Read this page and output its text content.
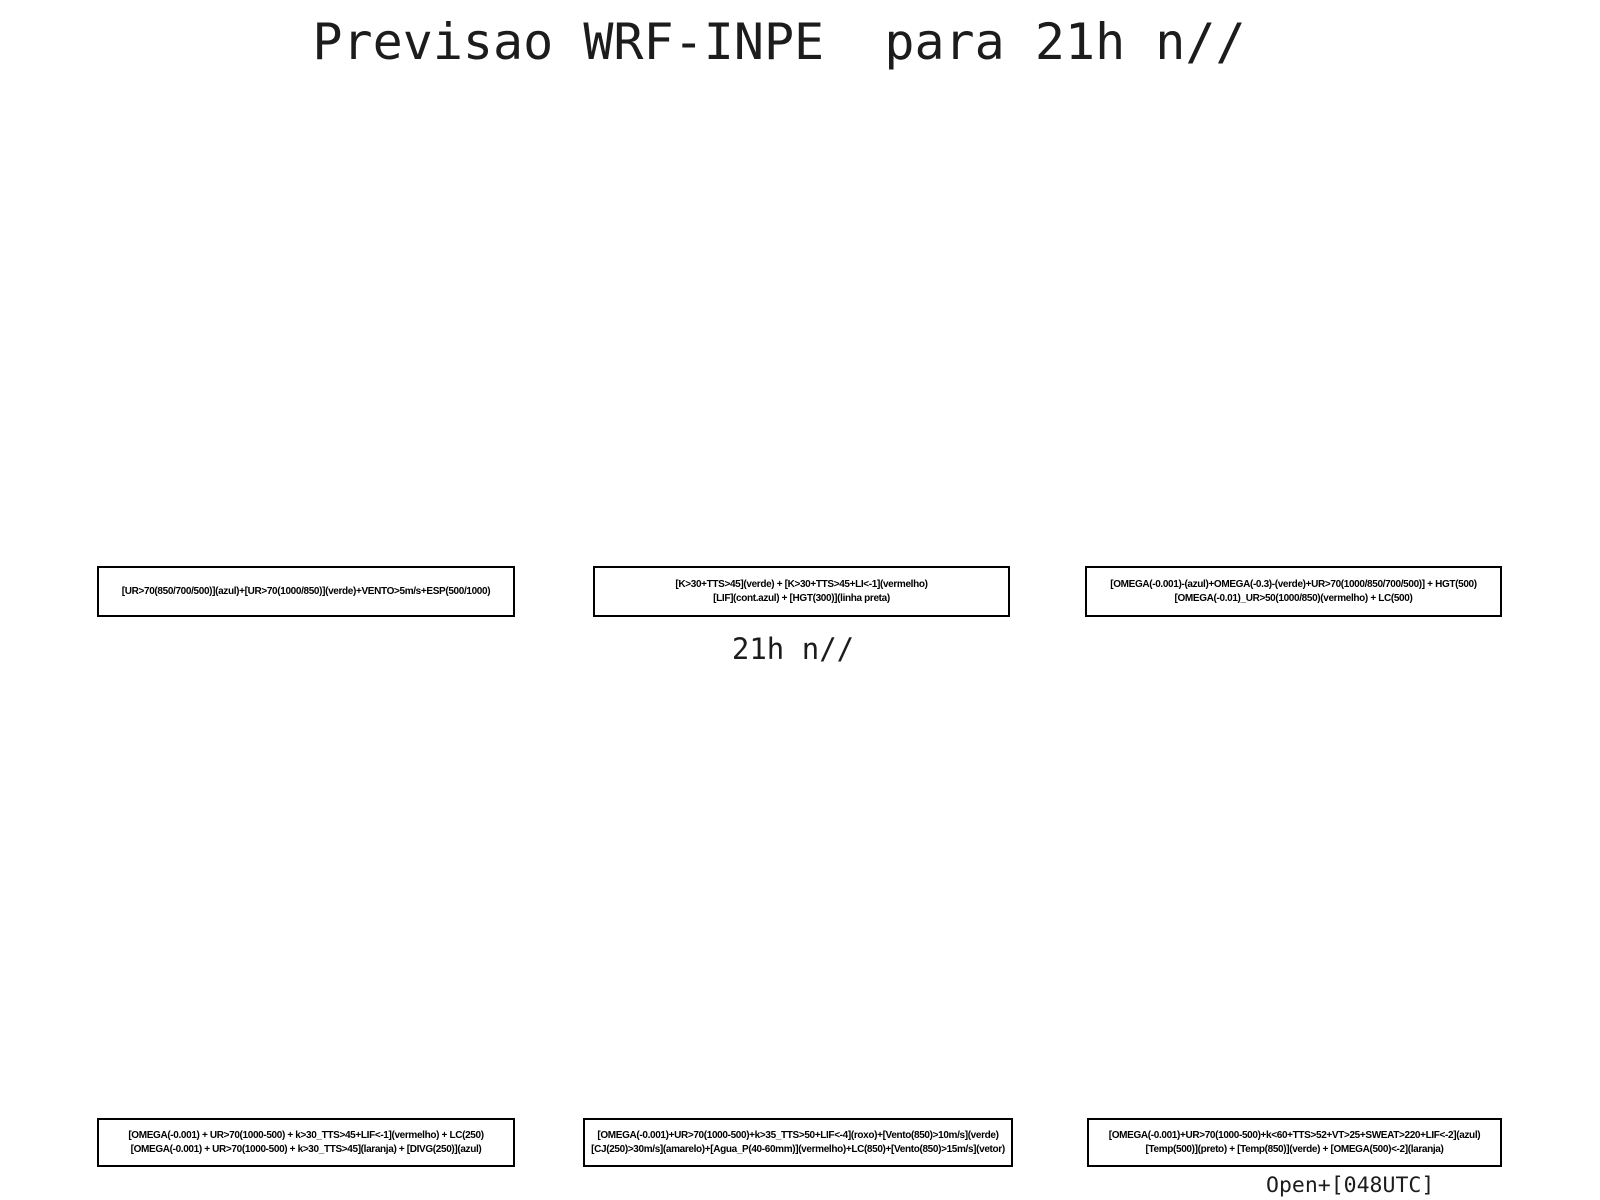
Previsao WRF-INPE  para 21h n//
[UR>70(850/700/500)](azul)+[UR>70(1000/850)](verde)+VENTO>5m/s+ESP(500/1000)
[K>30+TTS>45](verde) + [K>30+TTS>45+LI<-1](vermelho)
[LIF](cont.azul) + [HGT(300)](linha preta)
[OMEGA(-0.001)-(azul)+OMEGA(-0.3)-(verde)+UR>70(1000/850/700/500)] + HGT(500)
[OMEGA(-0.01)_UR>50(1000/850)(vermelho) + LC(500)
21h n//
[OMEGA(-0.001) + UR>70(1000-500) + k>30_TTS>45+LIF<-1](vermelho) + LC(250)
[OMEGA(-0.001) + UR>70(1000-500) + k>30_TTS>45](laranja) + [DIVG(250)](azul)
[OMEGA(-0.001)+UR>70(1000-500)+k>35_TTS>50+LIF<-4](roxo)+[Vento(850)>10m/s](verde)
[CJ(250)>30m/s](amarelo)+[Agua_P(40-60mm)](vermelho)+LC(850)+[Vento(850)>15m/s](vetor)
[OMEGA(-0.001)+UR>70(1000-500)+k<60+TTS>52+VT>25+SWEAT>220+LIF<-2](azul)
[Temp(500)](preto) + [Temp(850)](verde) + [OMEGA(500)<-2](laranja)
Open+[048UTC]
